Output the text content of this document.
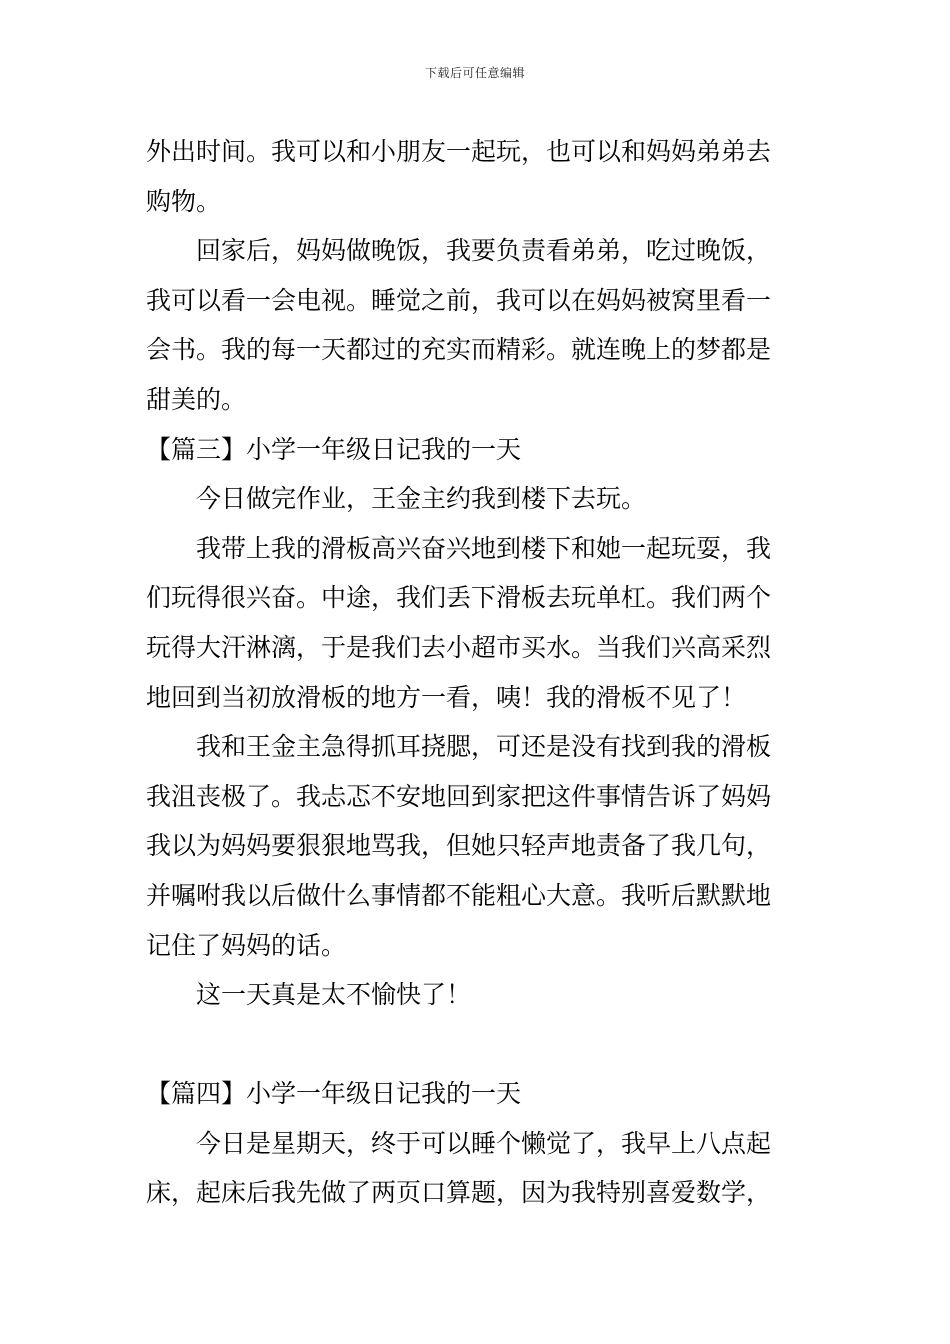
下载后可任意编辑
外出时间。我可以和小朋友一起玩，也可以和妈妈弟弟去
购物。
回家后，妈妈做晚饭，我要负责看弟弟，吃过晚饭，
我可以看一会电视。睡觉之前，我可以在妈妈被窝里看一
会书。我的每一天都过的充实而精彩。就连晚上的梦都是
甜美的。
【篇三】小学一年级日记我的一天
今日做完作业，王金主约我到楼下去玩。
我带上我的滑板高兴奋兴地到楼下和她一起玩耍，我
们玩得很兴奋。中途，我们丢下滑板去玩单杠。我们两个
玩得大汗淋漓，于是我们去小超市买水。当我们兴高采烈
地回到当初放滑板的地方一看，咦！我的滑板不见了！
我和王金主急得抓耳挠腮，可还是没有找到我的滑板
我沮丧极了。我忐忑不安地回到家把这件事情告诉了妈妈
我以为妈妈要狠狠地骂我，但她只轻声地责备了我几句，
并嘱咐我以后做什么事情都不能粗心大意。我听后默默地
记住了妈妈的话。
这一天真是太不愉快了！
【篇四】小学一年级日记我的一天
今日是星期天，终于可以睡个懒觉了，我早上八点起
床，起床后我先做了两页口算题，因为我特别喜爱数学，
